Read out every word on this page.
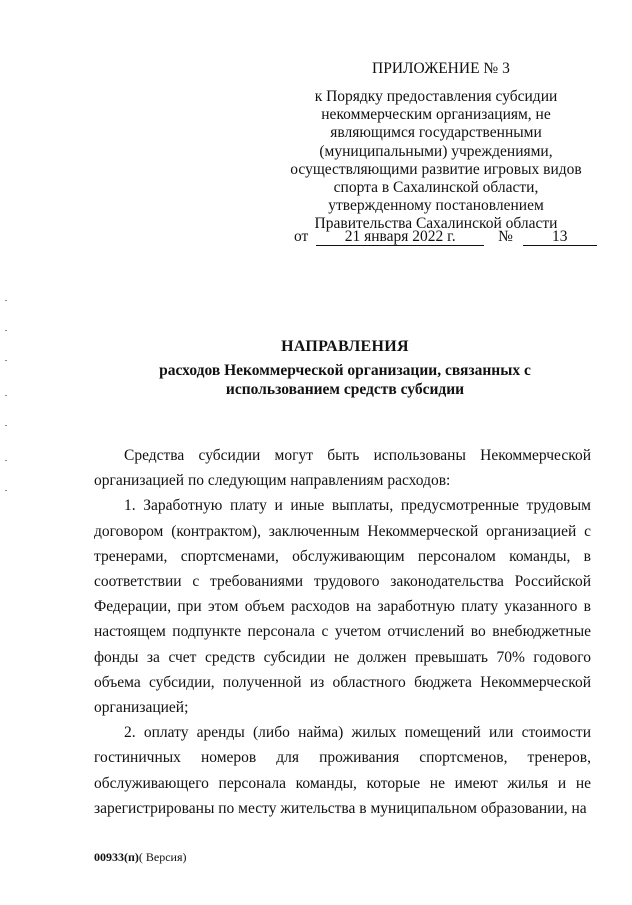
ПРИЛОЖЕНИЕ № 3
к Порядку предоставления субсидии
некоммерческим организациям, не
являющимся государственными
(муниципальными) учреждениями,
осуществляющими развитие игровых видов
спорта в Сахалинской области,
утвержденному постановлением
Правительства Сахалинской области
от 21 января 2022 г.	№	13
НАПРАВЛЕНИЯ
расходов Некоммерческой организации, связанных с
использованием средств субсидии

Средства субсидии могут быть использованы Некоммерческой организацией по следующим направлениям расходов:

1. Заработную плату и иные выплаты, предусмотренные трудовым договором (контрактом), заключенным Некоммерческой организацией с тренерами, спортсменами, обслуживающим персоналом команды, в соответствии с требованиями трудового законодательства Российской Федерации, при этом объем расходов на заработную плату указанного в настоящем подпункте персонала с учетом отчислений во внебюджетные фонды за счет средств субсидии не должен превышать 70% годового объема субсидии, полученной из областного бюджета Некоммерческой организацией;

2. оплату аренды (либо найма) жилых помещений или стоимости гостиничных номеров для проживания спортсменов, тренеров, обслуживающего персонала команды, которые не имеют жилья и не зарегистрированы по месту жительства в муниципальном образовании, на

00933(п)( Версия)
